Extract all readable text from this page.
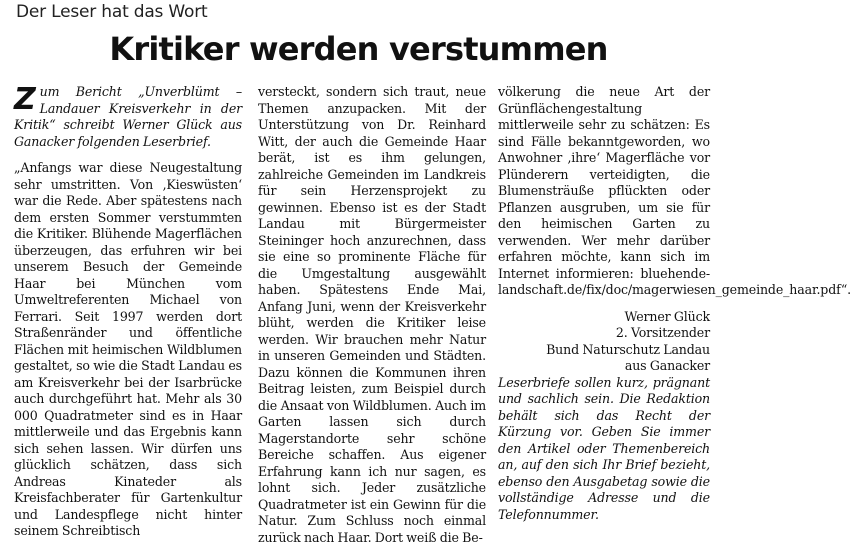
Der Leser hat das Wort
Kritiker werden verstummen

Zum Bericht „Unverblümt – Landauer Kreisverkehr in der Kritik“ schreibt Werner Glück aus Ganacker folgenden Leserbrief.

„Anfangs war diese Neugestaltung sehr umstritten. Von ‚Kieswüsten‘ war die Rede. Aber spätestens nach dem ersten Sommer verstummten die Kritiker. Blühende Magerflächen überzeugen, das erfuhren wir bei unserem Besuch der Gemeinde Haar bei München vom Umweltreferenten Michael von Ferrari. Seit 1997 werden dort Straßenränder und öffentliche Flächen mit heimischen Wildblumen gestaltet, so wie die Stadt Landau es am Kreisverkehr bei der Isarbrücke auch durchgeführt hat. Mehr als 30 000 Quadratmeter sind es in Haar mittlerweile und das Ergebnis kann sich sehen lassen. Wir dürfen uns glücklich schätzen, dass sich Andreas Kinateder als Kreisfachberater für Gartenkultur und Landespflege nicht hinter seinem Schreibtisch

versteckt, sondern sich traut, neue Themen anzupacken. Mit der Unterstützung von Dr. Reinhard Witt, der auch die Gemeinde Haar berät, ist es ihm gelungen, zahlreiche Gemeinden im Landkreis für sein Herzensprojekt zu gewinnen. Ebenso ist es der Stadt Landau mit Bürgermeister Steininger hoch anzurechnen, dass sie eine so prominente Fläche für die Umgestaltung ausgewählt haben. Spätestens Ende Mai, Anfang Juni, wenn der Kreisverkehr blüht, werden die Kritiker leise werden. Wir brauchen mehr Natur in unseren Gemeinden und Städten. Dazu können die Kommunen ihren Beitrag leisten, zum Beispiel durch die Ansaat von Wildblumen. Auch im Garten lassen sich durch Magerstandorte sehr schöne Bereiche schaffen. Aus eigener Erfahrung kann ich nur sagen, es lohnt sich. Jeder zusätzliche Quadratmeter ist ein Gewinn für die Natur. Zum Schluss noch einmal zurück nach Haar. Dort weiß die Be-

völkerung die neue Art der Grünflächengestaltung mittlerweile sehr zu schätzen: Es sind Fälle bekanntgeworden, wo Anwohner ‚ihre‘ Magerfläche vor Plünderern verteidigten, die Blumensträuße pflückten oder Pflanzen ausgruben, um sie für den heimischen Garten zu verwenden. Wer mehr darüber erfahren möchte, kann sich im Internet informieren: bluehende-landschaft.de/fix/doc/magerwiesen_gemeinde_haar.pdf“.

Werner Glück
2. Vorsitzender
Bund Naturschutz Landau
aus Ganacker

Leserbriefe sollen kurz, prägnant und sachlich sein. Die Redaktion behält sich das Recht der Kürzung vor. Geben Sie immer den Artikel oder Themenbereich an, auf den sich Ihr Brief bezieht, ebenso den Ausgabetag sowie die vollständige Adresse und die Telefonnummer.
